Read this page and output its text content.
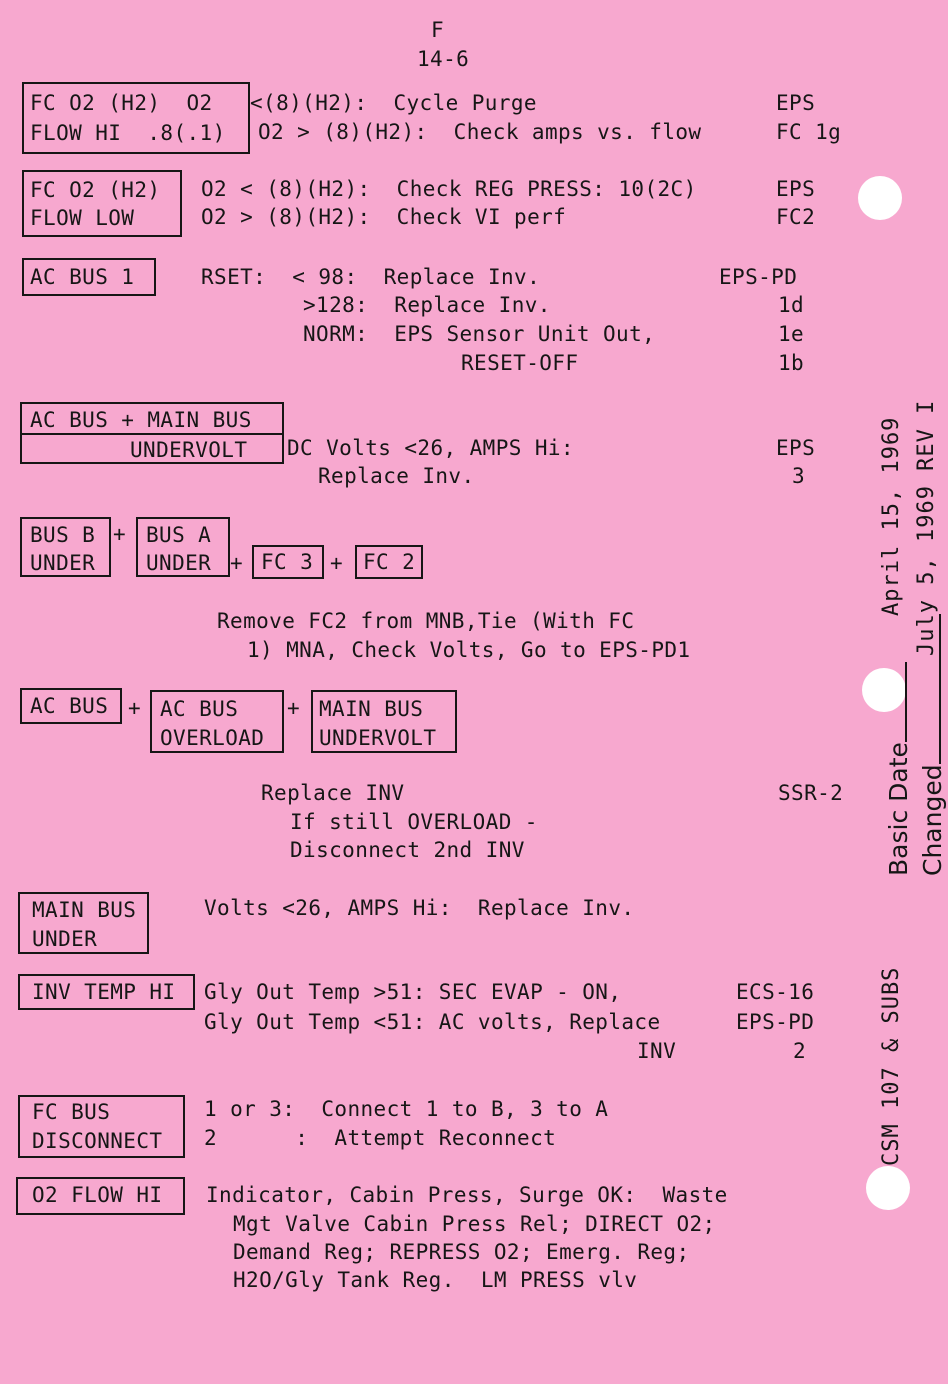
F
14-6
FC O2 (H2)  O2
FLOW HI  .8(.1)
<(8)(H2):  Cycle Purge
O2 > (8)(H2):  Check amps vs. flow
EPS
FC 1g
FC O2 (H2)
FLOW LOW
O2 < (8)(H2):  Check REG PRESS: 10(2C)
O2 > (8)(H2):  Check VI perf
EPS
FC2
AC BUS 1	RSET:  < 98:  Replace Inv.
>128:  Replace Inv.
NORM:  EPS Sensor Unit Out,
RESET-OFF
EPS-PD
1d
1e
1b
AC BUS + MAIN BUS
UNDERVOLT DC Volts <26, AMPS Hi:
Replace Inv.
EPS
3
BUS B
UNDER
+ BUS A
UNDER + FC 3 + FC 2
Remove FC2 from MNB,Tie (With FC
1) MNA, Check Volts, Go to EPS-PD1
AC BUS + AC BUS
OVERLOAD
+ MAIN BUS
UNDERVOLT
Replace INV
If still OVERLOAD -
Disconnect 2nd INV
SSR-2
MAIN BUS
UNDER
Volts <26, AMPS Hi:  Replace Inv.
INV TEMP HI Gly Out Temp >51: SEC EVAP - ON,
Gly Out Temp <51: AC volts, Replace
INV
ECS-16
EPS-PD
2
FC BUS
DISCONNECT
1 or 3:  Connect 1 to B, 3 to A
2      :  Attempt Reconnect
O2 FLOW HI Indicator, Cabin Press, Surge OK:  Waste
Mgt Valve Cabin Press Rel; DIRECT O2;
Demand Reg; REPRESS O2; Emerg. Reg;
H2O/Gly Tank Reg.  LM PRESS vlv
April 15, 1969 July 5, 1969 REV I
Basic Date Changed
CSM 107 & SUBS
